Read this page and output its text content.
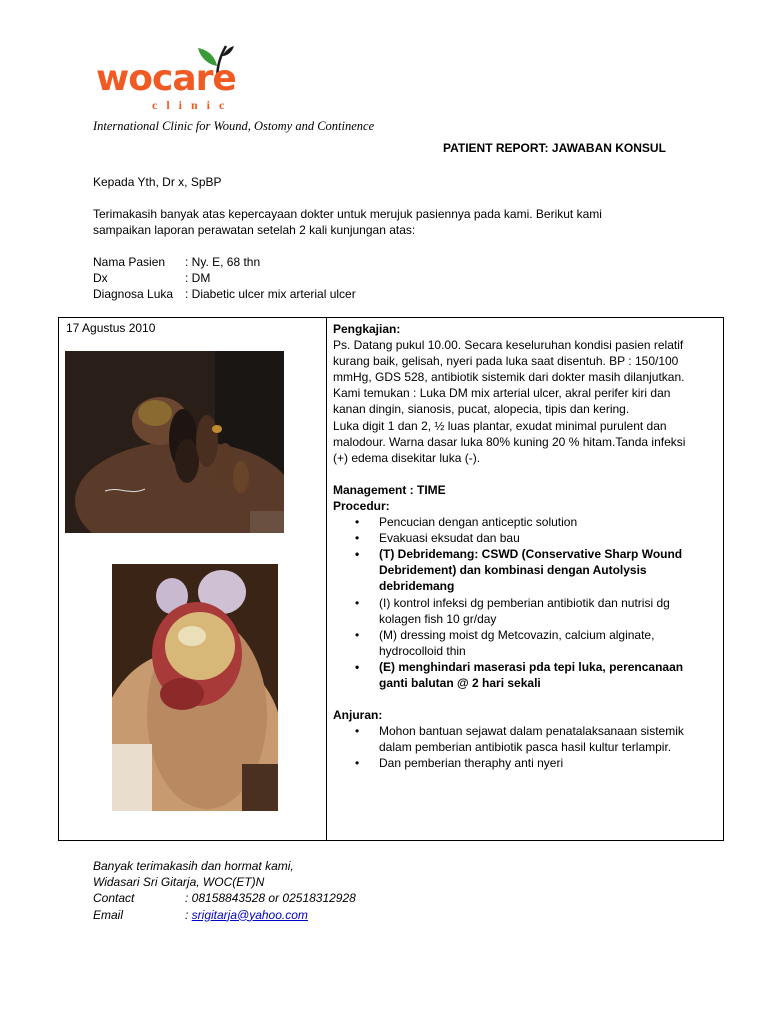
wocare
clinic
International Clinic for Wound, Ostomy and Continence
PATIENT REPORT: JAWABAN KONSUL
Kepada Yth, Dr x, SpBP
Terimakasih banyak atas kepercayaan dokter untuk merujuk pasiennya pada kami. Berikut kami
sampaikan laporan perawatan setelah 2 kali kunjungan atas:
Nama Pasien : Ny. E, 68 thn
Dx	: DM
Diagnosa Luka : Diabetic ulcer mix arterial ulcer
17 Agustus 2010	Pengkajian:

Ps. Datang pukul 10.00. Secara keseluruhan kondisi pasien relatif

kurang baik, gelisah, nyeri pada luka saat disentuh. BP : 150/100

mmHg, GDS 528, antibiotik sistemik dari dokter masih dilanjutkan.

Kami temukan : Luka DM mix arterial ulcer, akral perifer kiri dan

kanan dingin, sianosis, pucat, alopecia, tipis dan kering.

Luka digit 1 dan 2, ½ luas plantar, exudat minimal purulent dan

malodour. Warna dasar luka 80% kuning 20 % hitam.Tanda infeksi

(+) edema disekitar luka (-).

Management : TIME

Procedur:

• Pencucian dengan anticeptic solution
• Evakuasi eksudat dan bau
• (T) Debridemang: CSWD (Conservative Sharp Wound
Debridement) dan kombinasi dengan Autolysis
debridemang
• (I) kontrol infeksi dg pemberian antibiotik dan nutrisi dg
kolagen fish 10 gr/day
• (M) dressing moist dg Metcovazin, calcium alginate,
hydrocolloid thin
• (E) menghindari maserasi pda tepi luka, perencanaan
ganti balutan @ 2 hari sekali

Anjuran:

• Mohon bantuan sejawat dalam penatalaksanaan sistemik
dalam pemberian antibiotik pasca hasil kultur terlampir.
• Dan pemberian theraphy anti nyeri
Banyak terimakasih dan hormat kami,
Widasari Sri Gitarja, WOC(ET)N
Contact	: 08158843528 or 02518312928
Email	: srigitarja@yahoo.com
